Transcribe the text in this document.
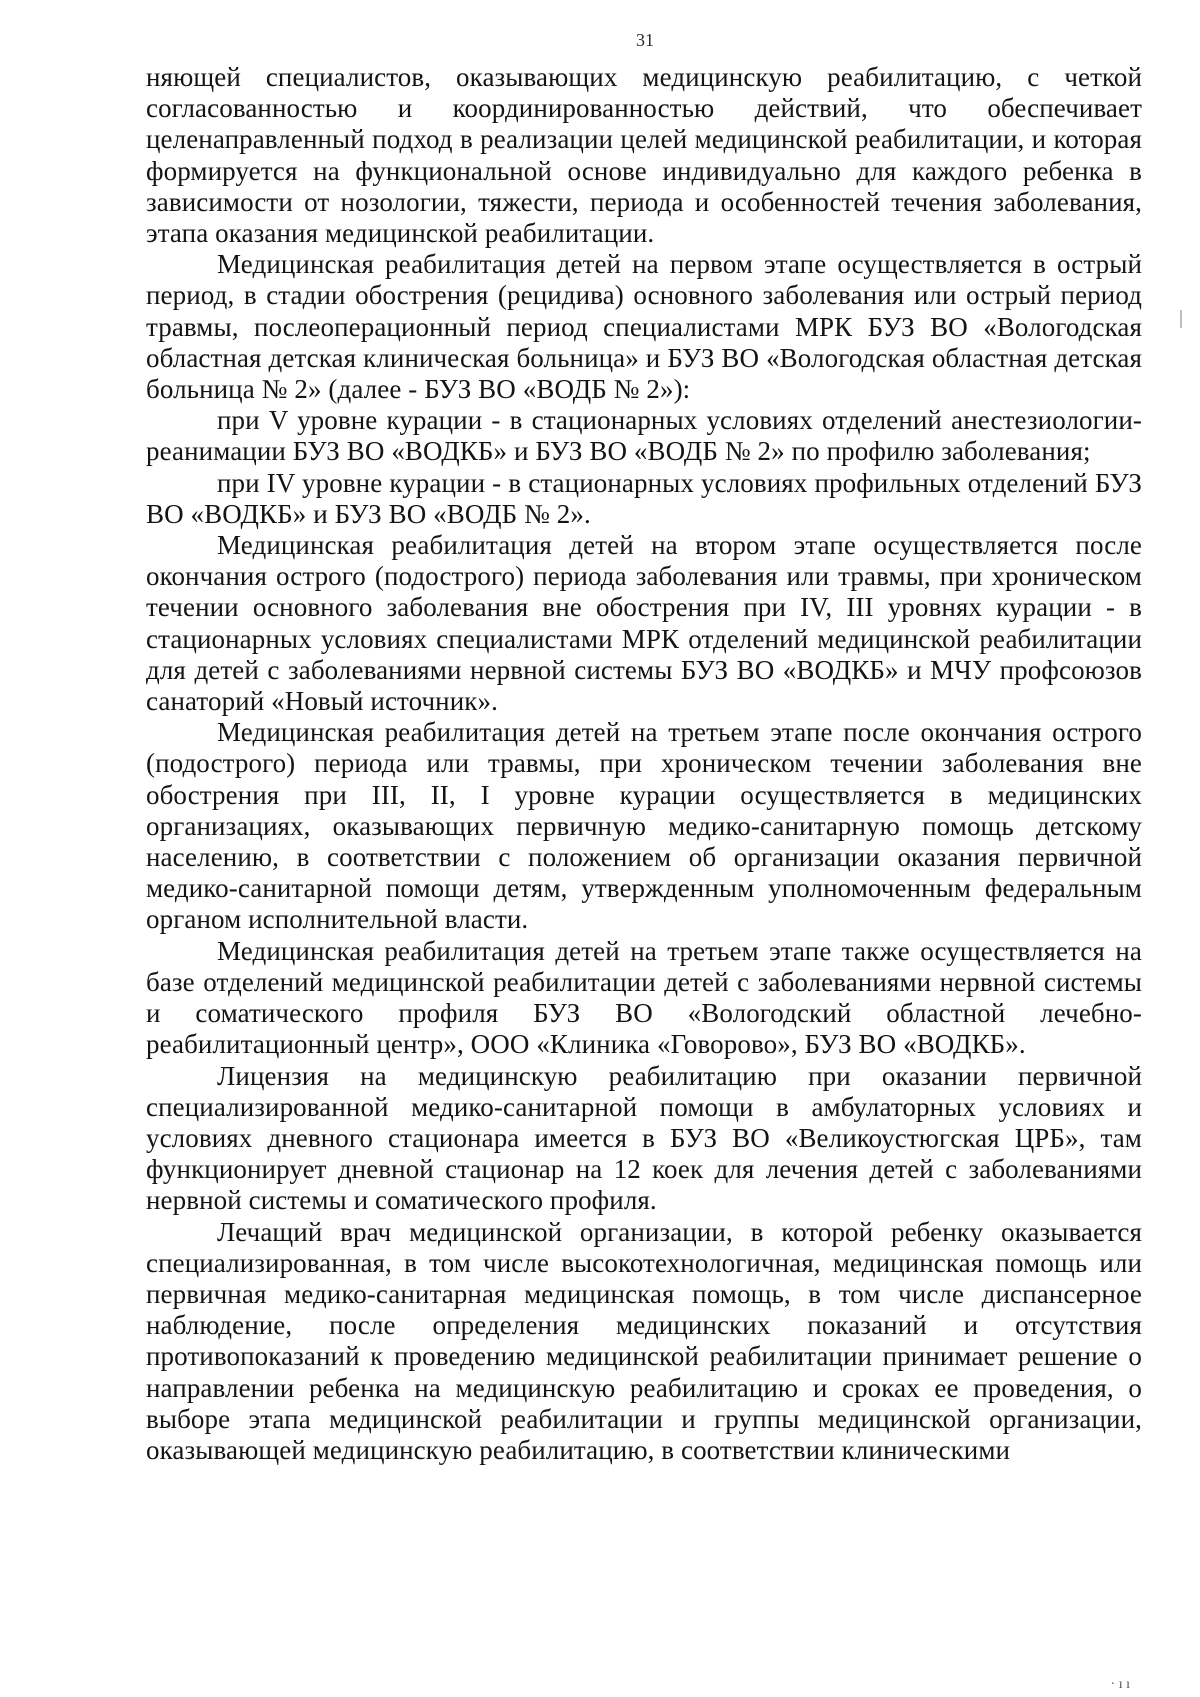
31

няющей специалистов, оказывающих медицинскую реабилитацию, с четкой согласованностью и координированностью действий, что обеспечивает целенаправленный подход в реализации целей медицинской реабилитации, и которая формируется на функциональной основе индивидуально для каждого ребенка в зависимости от нозологии, тяжести, периода и особенностей течения заболевания, этапа оказания медицинской реабилитации.

Медицинская реабилитация детей на первом этапе осуществляется в острый период, в стадии обострения (рецидива) основного заболевания или острый период травмы, послеоперационный период специалистами МРК БУЗ ВО «Вологодская областная детская клиническая больница» и БУЗ ВО «Вологодская областная детская больница № 2» (далее - БУЗ ВО «ВОДБ № 2»):

при V уровне курации - в стационарных условиях отделений анестезиологии-реанимации БУЗ ВО «ВОДКБ» и БУЗ ВО «ВОДБ № 2» по профилю заболевания;

при IV уровне курации - в стационарных условиях профильных отделений БУЗ ВО «ВОДКБ» и БУЗ ВО «ВОДБ № 2».

Медицинская реабилитация детей на втором этапе осуществляется после окончания острого (подострого) периода заболевания или травмы, при хроническом течении основного заболевания вне обострения при IV, III уровнях курации - в стационарных условиях специалистами МРК отделений медицинской реабилитации для детей с заболеваниями нервной системы БУЗ ВО «ВОДКБ» и МЧУ профсоюзов санаторий «Новый источник».

Медицинская реабилитация детей на третьем этапе после окончания острого (подострого) периода или травмы, при хроническом течении заболевания вне обострения при III, II, I уровне курации осуществляется в медицинских организациях, оказывающих первичную медико-санитарную помощь детскому населению, в соответствии с положением об организации оказания первичной медико-санитарной помощи детям, утвержденным уполномоченным федеральным органом исполнительной власти.

Медицинская реабилитация детей на третьем этапе также осуществляется на базе отделений медицинской реабилитации детей с заболеваниями нервной системы и соматического профиля БУЗ ВО «Вологодский областной лечебно-реабилитационный центр», ООО «Клиника «Говорово», БУЗ ВО «ВОДКБ».

Лицензия на медицинскую реабилитацию при оказании первичной специализированной медико-санитарной помощи в амбулаторных условиях и условиях дневного стационара имеется в БУЗ ВО «Великоустюгская ЦРБ», там функционирует дневной стационар на 12 коек для лечения детей с заболеваниями нервной системы и соматического профиля.

Лечащий врач медицинской организации, в которой ребенку оказывается специализированная, в том числе высокотехнологичная, медицинская помощь или первичная медико-санитарная медицинская помощь, в том числе диспансерное наблюдение, после определения медицинских показаний и отсутствия противопоказаний к проведению медицинской реабилитации принимает решение о направлении ребенка на медицинскую реабилитацию и сроках ее проведения, о выборе этапа медицинской реабилитации и группы медицинской организации, оказывающей медицинскую реабилитацию, в соответствии клиническими

· ı ı
